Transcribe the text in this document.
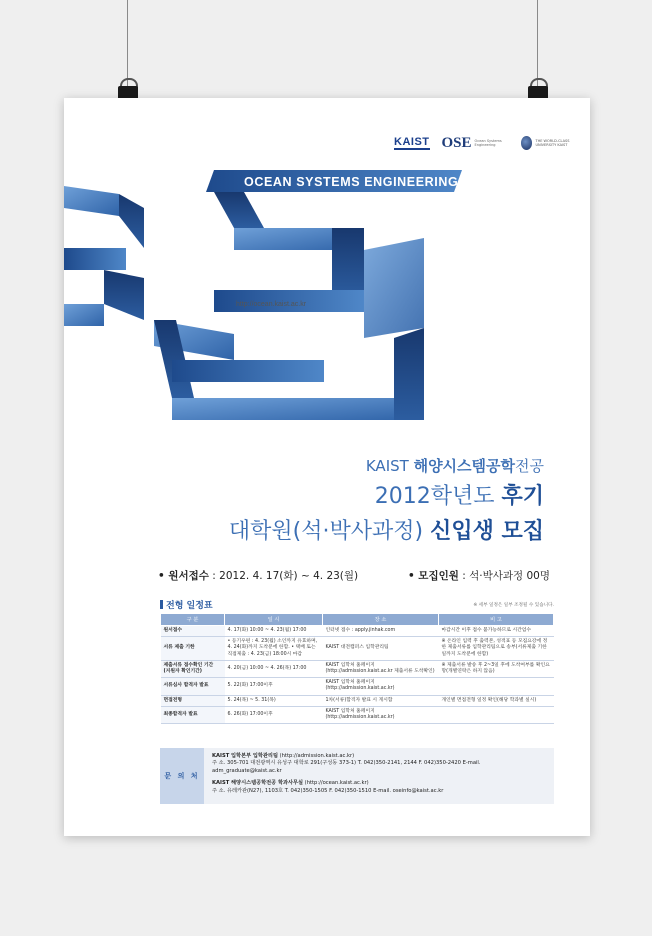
KAIST OSE Ocean Systems Engineering
THE WORLD-CLASS UNIVERSITY KAIST
OCEAN SYSTEMS ENGINEERING
http://ocean.kaist.ac.kr
KAIST 해양시스템공학전공
2012학년도 후기
대학원(석·박사과정) 신입생 모집
• 원서접수 : 2012. 4. 17(화) ~ 4. 23(월)	• 모집인원 : 석·박사과정 00명
전형 일정표	※ 세부 일정은 일부 조정될 수 있습니다.
구 분	일 시	장 소	비 고
원서접수	4. 17(화) 10:00 ~ 4. 23(월) 17:00	인터넷 접수 : apply.jinhak.com	마감시간 이후 접수 불가능하므로 시간엄수
서류 제출 기한	• 등기우편 : 4. 23(월) 소인까지 유효하며, 4. 24(화)까지 도착분에 한함. • 택배 또는 직접제출 : 4. 23(금) 18:00시 마감	KAIST 대전캠퍼스 입학관리팀	※ 온라인 입력 후 출력본, 성적표 등 모집요강에 정한 제출서류를 입학관리팀으로 송부(서류제출 기한일까지 도착분에 한함)
제출서류 접수확인 기간 (지원자 확인기간)	4. 20(금) 10:00 ~ 4. 26(목) 17:00	KAIST 입학처 홈페이지 (http://admission.kaist.ac.kr 제출서류 도착확인)	※ 제출서류 발송 후 2~3일 후에 도착여부를 확인요망(개별연락은 하지 않음)
서류심사 합격자 발표	5. 22(화) 17:00이후	KAIST 입학처 홈페이지 (http://admission.kaist.ac.kr)	
면접전형	5. 24(목) ~ 5. 31(목)	1차(서류)합격자 발표 시 게시함	개인별 면접전형 일정 확인(해당 학과별 실시)
최종합격자 발표	6. 26(화) 17:00이후	KAIST 입학처 홈페이지 (http://admission.kaist.ac.kr)	
문 의 처
KAIST 입학본부 입학관리팀 (http://admission.kaist.ac.kr)
주 소. 305-701 대전광역시 유성구 대학로 291(구성동 373-1) T. 042)350-2141, 2144 F. 042)350-2420 E-mail. adm_graduate@kaist.ac.kr
KAIST 해양시스템공학전공 학과사무실 (http://ocean.kaist.ac.kr)
주 소. 유레카관(N27), 1103호 T. 042)350-1505 F. 042)350-1510 E-mail. oseinfo@kaist.ac.kr
